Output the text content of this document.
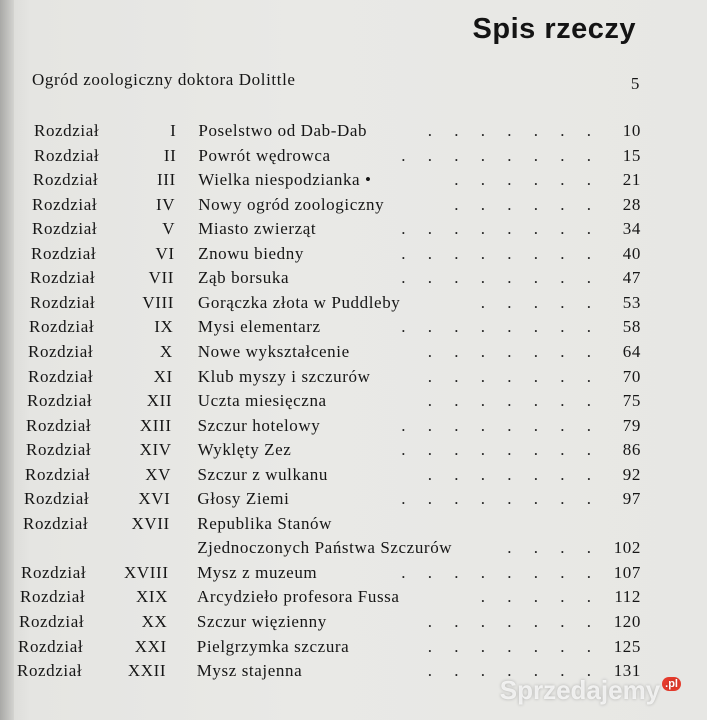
Spis rzeczy
Ogród zoologiczny doktora Dolittle	5
Rozdział	I Poselstwo od Dab-Dab	. . . . . . . 10
Rozdział	II Powrót wędrowca	. . . . . . . . 15
Rozdział	III Wielka niespodzianka •	. . . . . . 21
Rozdział	IV Nowy ogród zoologiczny	. . . . . . 28
Rozdział	V Miasto zwierząt	. . . . . . . . 34
Rozdział	VI Znowu biedny	. . . . . . . . 40
Rozdział	VII Ząb borsuka	. . . . . . . . 47
Rozdział	VIII Gorączka złota w Puddleby	. . . . . 53
Rozdział	IX Mysi elementarz	. . . . . . . . 58
Rozdział	X Nowe wykształcenie	. . . . . . . 64
Rozdział	XI Klub myszy i szczurów	. . . . . . . 70
Rozdział	XII Uczta miesięczna	. . . . . . . 75
Rozdział	XIII Szczur hotelowy	. . . . . . . . 79
Rozdział	XIV Wyklęty Zez	. . . . . . . . 86
Rozdział	XV Szczur z wulkanu	. . . . . . . 92
Rozdział	XVI Głosy Ziemi	. . . . . . . . 97
Rozdział	XVII Republika Stanów
Zjednoczonych Państwa Szczurów	. . . . 102
Rozdział	XVIII Mysz z muzeum	. . . . . . . . 107
Rozdział	XIX Arcydzieło profesora Fussa	. . . . . 112
Rozdział	XX Szczur więzienny	. . . . . . . 120
Rozdział	XXI Pielgrzymka szczura	. . . . . . . 125
Rozdział	XXII Mysz stajenna	. . . . . . . 131
Sprzedajemy .pl
